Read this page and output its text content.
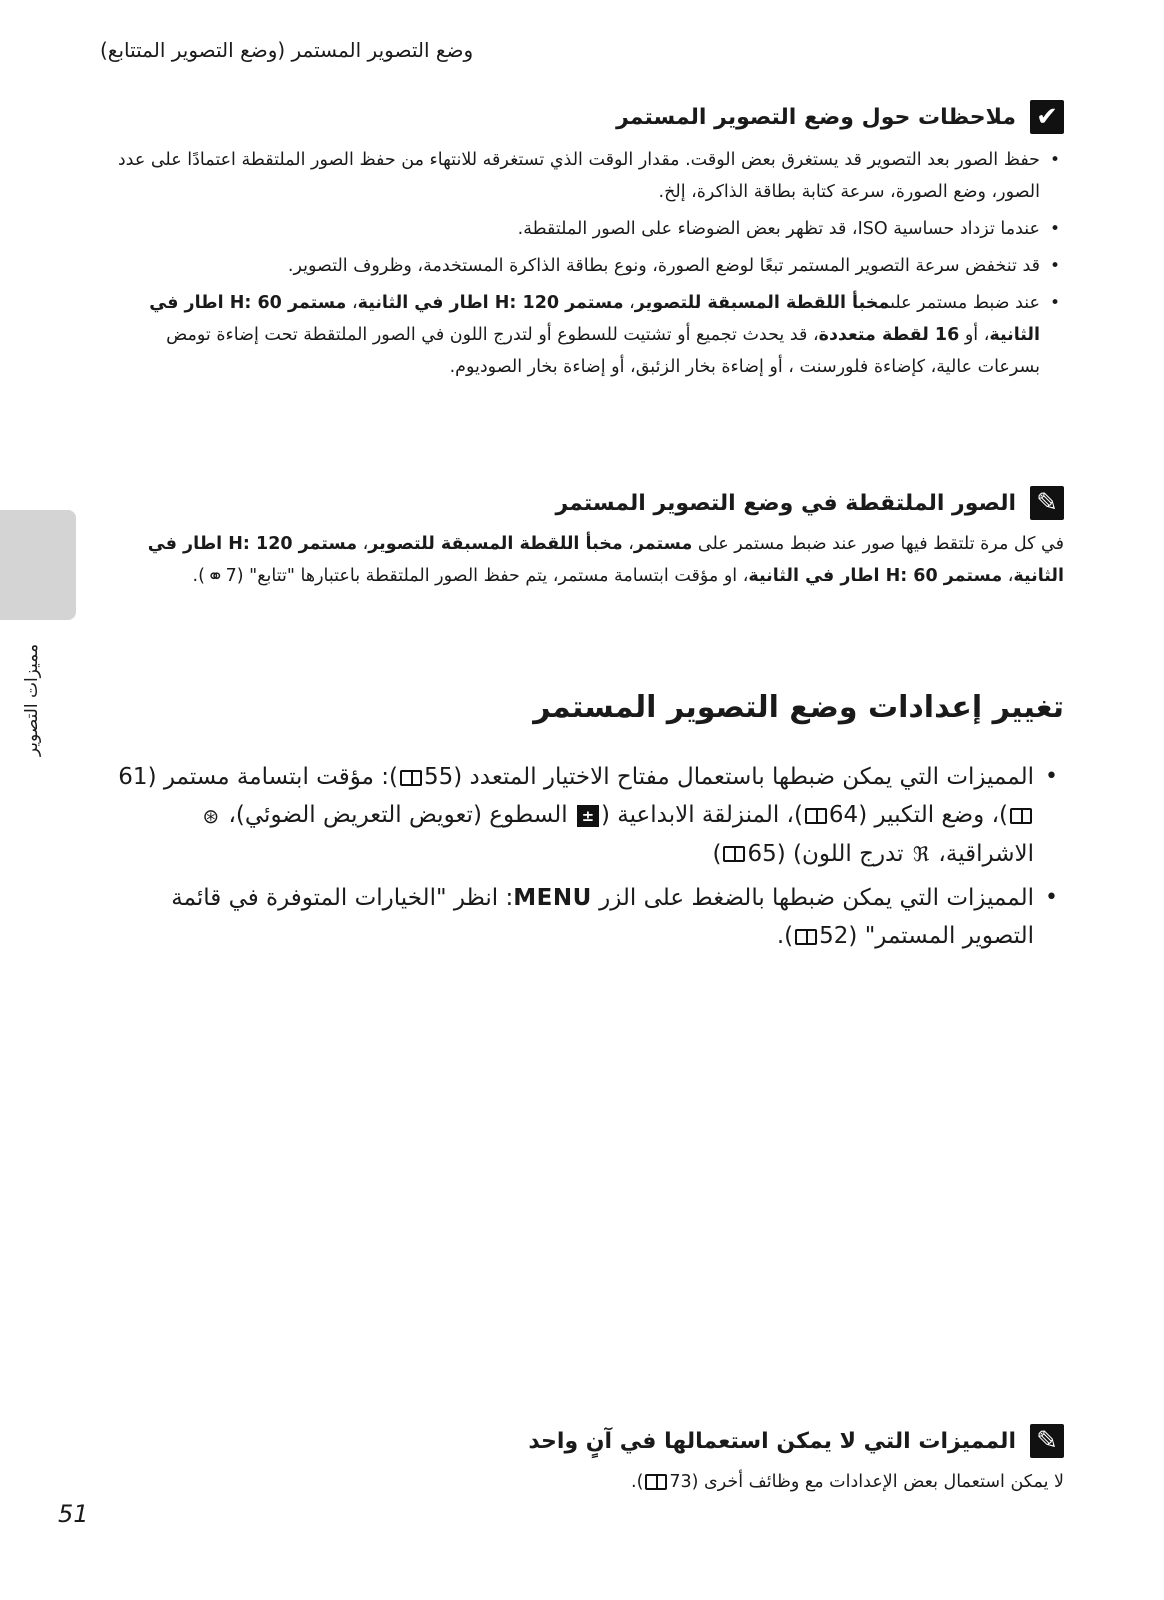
وضع التصوير المستمر (وضع التصوير المتتابع)
✔
ملاحظات حول وضع التصوير المستمر
• حفظ الصور بعد التصوير قد يستغرق بعض الوقت. مقدار الوقت الذي تستغرقه للانتهاء من حفظ الصور الملتقطة اعتمادًا على عدد الصور، وضع الصورة، سرعة كتابة بطاقة الذاكرة، إلخ.
• عندما تزداد حساسية ISO، قد تظهر بعض الضوضاء على الصور الملتقطة.
• قد تنخفض سرعة التصوير المستمر تبعًا لوضع الصورة، ونوع بطاقة الذاكرة المستخدمة، وظروف التصوير.
• عند ضبط مستمر علىمخبأ اللقطة المسبقة للتصوير، مستمر H: 120 اطار في الثانية، مستمر H: 60 اطار في الثانية، أو 16 لقطة متعددة، قد يحدث تجميع أو تشتيت للسطوع أو لتدرج اللون في الصور الملتقطة تحت إضاءة تومض بسرعات عالية، كإضاءة فلورسنت ، أو إضاءة بخار الزئبق، أو إضاءة بخار الصوديوم.
✎
الصور الملتقطة في وضع التصوير المستمر

في كل مرة تلتقط فيها صور عند ضبط مستمر على مستمر، مخبأ اللقطة المسبقة للتصوير، مستمر H: 120 اطار في الثانية، مستمر H: 60 اطار في الثانية، او مؤقت ابتسامة مستمر، يتم حفظ الصور الملتقطة باعتبارها "تتابع" (7⚭).

تغيير إعدادات وضع التصوير المستمر
• المميزات التي يمكن ضبطها باستعمال مفتاح الاختيار المتعدد (55): مؤقت ابتسامة مستمر (61)، وضع التكبير (64)، المنزلقة الابداعية (± السطوع (تعويض التعريض الضوئي)، ⊛ الاشراقية، ℜ تدرج اللون) (65)
• المميزات التي يمكن ضبطها بالضغط على الزر MENU: انظر "الخيارات المتوفرة في قائمة التصوير المستمر" (52).
✎
المميزات التي لا يمكن استعمالها في آنٍ واحد

لا يمكن استعمال بعض الإعدادات مع وظائف أخرى (73).

مميزات التصوير
51
